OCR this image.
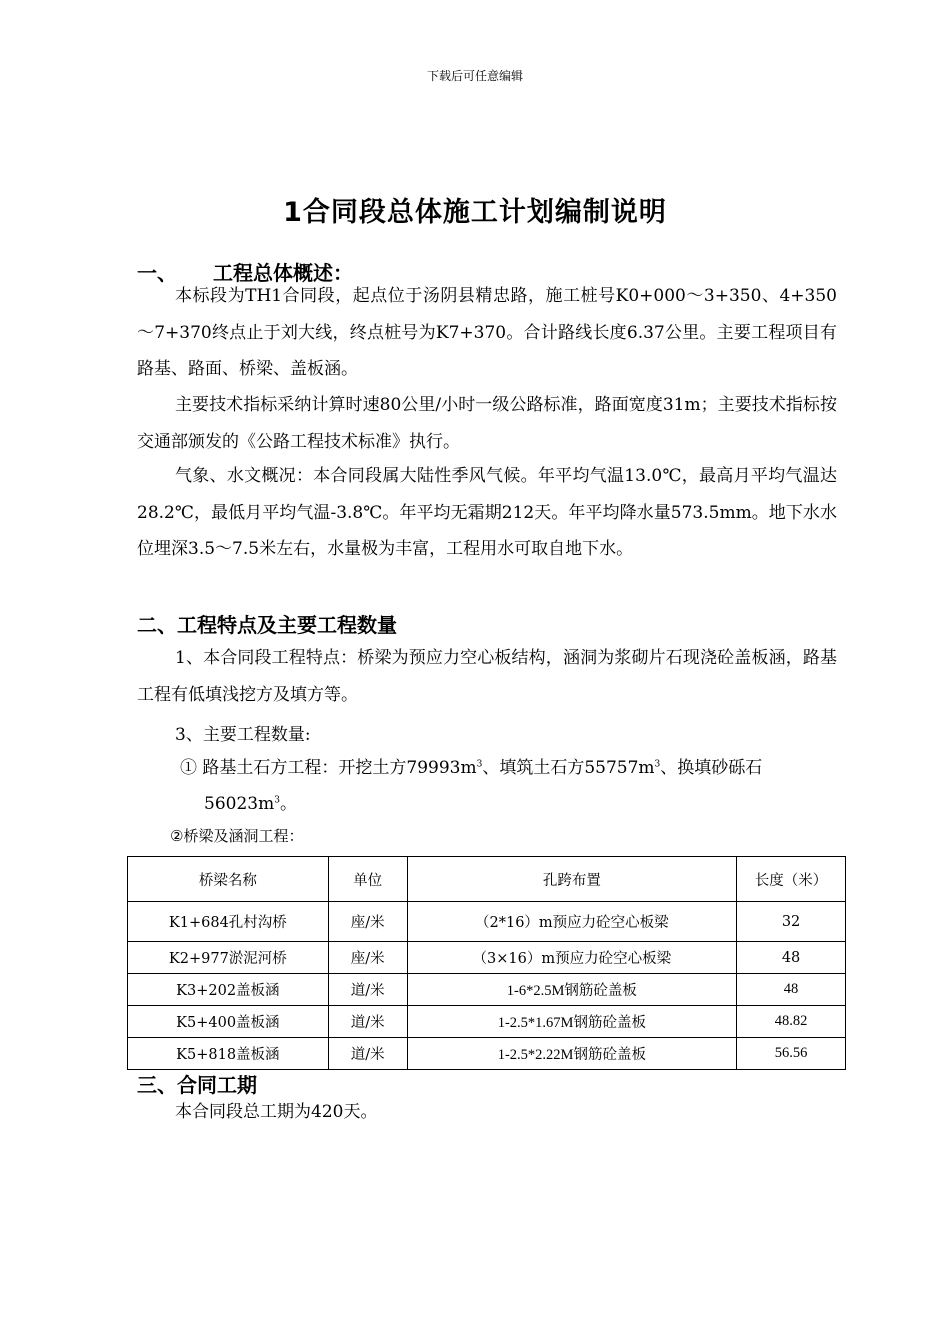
下载后可任意编辑
1合同段总体施工计划编制说明
一、 工程总体概述：
本标段为TH1合同段，起点位于汤阴县精忠路，施工桩号K0+000～3+350、4+350～7+370终点止于刘大线，终点桩号为K7+370。合计路线长度6.37公里。主要工程项目有路基、路面、桥梁、盖板涵。
主要技术指标采纳计算时速80公里/小时一级公路标准，路面宽度31m；主要技术指标按交通部颁发的《公路工程技术标准》执行。
气象、水文概况：本合同段属大陆性季风气候。年平均气温13.0℃，最高月平均气温达28.2℃，最低月平均气温-3.8℃。年平均无霜期212天。年平均降水量573.5mm。地下水水位埋深3.5～7.5米左右，水量极为丰富，工程用水可取自地下水。
二、工程特点及主要工程数量
1、本合同段工程特点：桥梁为预应力空心板结构，涵洞为浆砌片石现浇砼盖板涵，路基工程有低填浅挖方及填方等。
3、主要工程数量:
① 路基土石方工程：开挖土方$79993m^3$、填筑土石方$55757m^3$、换填砂砾石
$56023m^3$。
②桥梁及涵洞工程：
桥梁名称	单位	孔跨布置	长度（米）
K1+684孔村沟桥	座/米	（2*16）m预应力砼空心板梁	32
K2+977淤泥河桥	座/米	（3×16）m预应力砼空心板梁	48
K3+202盖板涵	道/米	1-6*2.5M钢筋砼盖板	48
K5+400盖板涵	道/米	1-2.5*1.67M钢筋砼盖板	48.82
K5+818盖板涵	道/米	1-2.5*2.22M钢筋砼盖板	56.56
三、合同工期
本合同段总工期为420天。
